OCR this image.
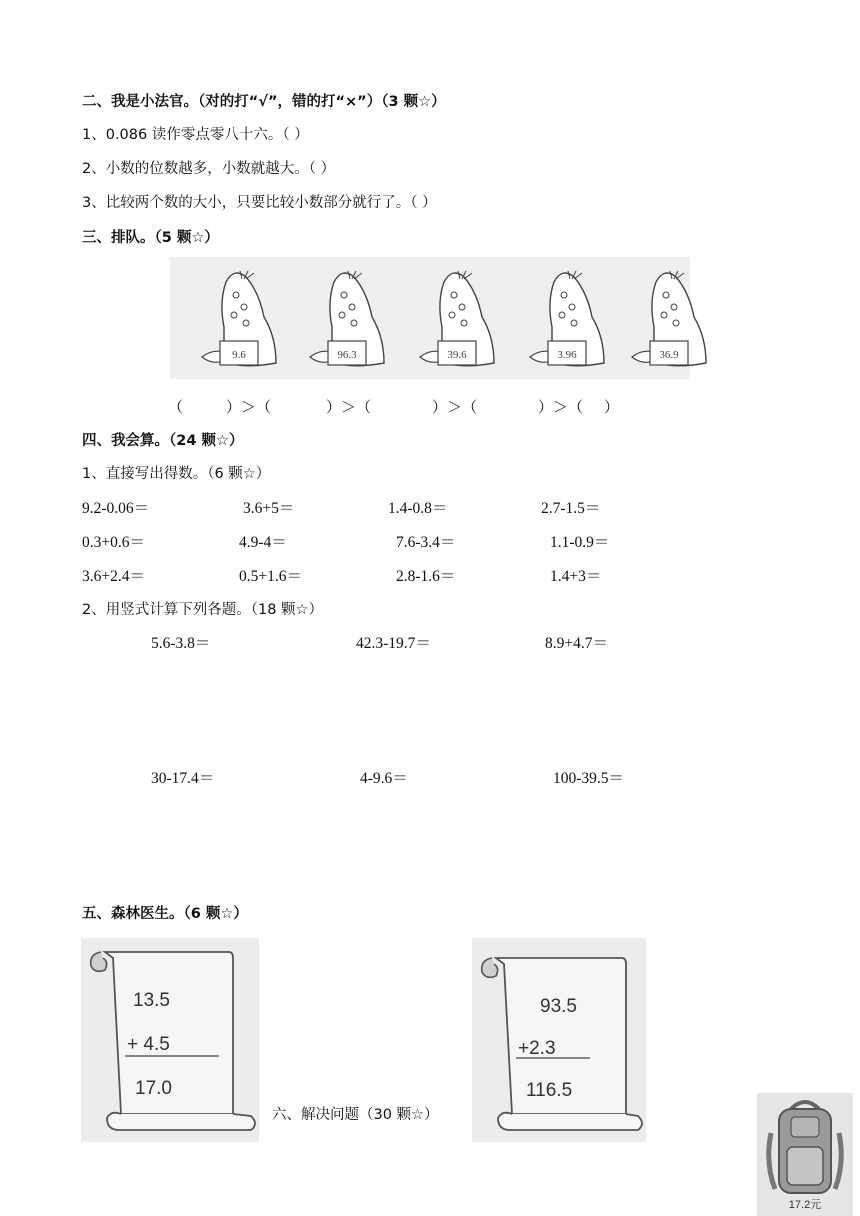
二、我是小法官。（对的打“√”，错的打“×”）（3 颗☆）
1、0.086 读作零点零八十六。（ ）
2、小数的位数越多，小数就越大。（ ）
3、比较两个数的大小，只要比较小数部分就行了。（ ）
三、排队。（5 颗☆）
9.6	96.3	39.6	3.96	36.9
（	）＞（	）＞（	）＞（	）＞（ ）
四、我会算。（24 颗☆）
1、直接写出得数。（6 颗☆）
9.2-0.06＝	3.6+5＝	1.4-0.8＝	2.7-1.5＝
0.3+0.6＝	4.9-4＝	7.6-3.4＝	1.1-0.9＝
3.6+2.4＝	0.5+1.6＝	2.8-1.6＝	1.4+3＝
2、用竖式计算下列各题。（18 颗☆）
5.6-3.8＝	42.3-19.7＝	8.9+4.7＝
30-17.4＝	4-9.6＝	100-39.5＝
五、森林医生。（6 颗☆）
13.5
+ 4.5
17.0
六、解决问题（30 颗☆）
93.5
+2.3
116.5
17.2元
